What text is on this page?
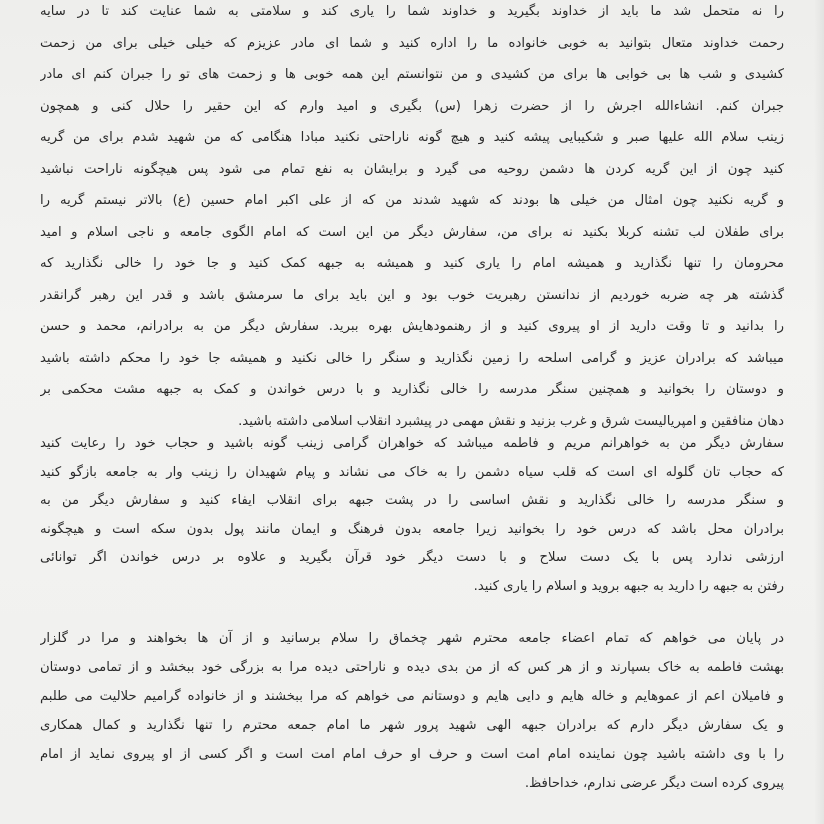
را نه متحمل شد ما باید از خداوند بگیرید و خداوند شما را یاری کند و سلامتی به شما عنایت کند تا در سایه
رحمت خداوند متعال بتوانید به خوبی خانواده ما را اداره کنید و شما ای مادر عزیزم که خیلی خیلی برای من زحمت
کشیدی و شب ها بی خوابی ها برای من کشیدی و من نتوانستم این همه خوبی ها و زحمت های تو را جبران کنم ای مادر
جبران کنم. انشاءالله اجرش را از حضرت زهرا (س) بگیری و امید وارم که این حقیر را حلال کنی و همچون
زینب سلام الله علیها صبر و شکیبایی پیشه کنید و هیچ گونه ناراحتی نکنید مبادا هنگامی که من شهید شدم برای من گریه
کنید چون از این گریه کردن ها دشمن روحیه می گیرد و برایشان به نفع تمام می شود پس هیچگونه ناراحت نباشید
و گریه نکنید چون امثال من خیلی ها بودند که شهید شدند من که از علی اکبر امام حسین (ع) بالاتر نیستم گریه را
برای طفلان لب تشنه کربلا بکنید نه برای من، سفارش دیگر من این است که امام الگوی جامعه و ناجی اسلام و امید
محرومان را تنها نگذارید و همیشه امام را یاری کنید و همیشه به جبهه کمک کنید و جا خود را خالی نگذارید که
گذشته هر چه ضربه خوردیم از ندانستن رهبریت خوب بود و این باید برای ما سرمشق باشد و قدر این رهبر گرانقدر
را بدانید و تا وقت دارید از او پیروی کنید و از رهنمودهایش بهره ببرید. سفارش دیگر من به برادرانم، محمد و حسن
میباشد که برادران عزیز و گرامی اسلحه را زمین نگذارید و سنگر را خالی نکنید و همیشه جا خود را محکم داشته باشید
و دوستان را بخوانید و همچنین سنگر مدرسه را خالی نگذارید و با درس خواندن و کمک به جبهه مشت محکمی بر
دهان منافقین و امپریالیست شرق و غرب بزنید و نقش مهمی در پیشبرد انقلاب اسلامی داشته باشید.
سفارش دیگر من به خواهرانم مریم و فاطمه میباشد که خواهران گرامی زینب گونه باشید و حجاب خود را رعایت کنید
که حجاب تان گلوله ای است که قلب سیاه دشمن را به خاک می نشاند و پیام شهیدان را زینب وار به جامعه بازگو کنید
و سنگر مدرسه را خالی نگذارید و نقش اساسی را در پشت جبهه برای انقلاب ایفاء کنید و سفارش دیگر من به
برادران محل باشد که درس خود را بخوانید زیرا جامعه بدون فرهنگ و ایمان مانند پول بدون سکه است و هیچگونه
ارزشی ندارد پس با یک دست سلاح و با دست دیگر خود قرآن بگیرید و علاوه بر درس خواندن اگر توانائی
رفتن به جبهه را دارید به جبهه بروید و اسلام را یاری کنید.
در پایان می خواهم که تمام اعضاء جامعه محترم شهر چخماق را سلام برسانید و از آن ها بخواهند و مرا در گلزار
بهشت فاطمه به خاک بسپارند و از هر کس که از من بدی دیده و ناراحتی دیده مرا به بزرگی خود ببخشد و از تمامی دوستان
و فامیلان اعم از عموهایم و خاله هایم و دایی هایم و دوستانم می خواهم که مرا ببخشند و از خانواده گرامیم حلالیت می طلبم
و یک سفارش دیگر دارم که برادران جبهه الهی شهید پرور شهر ما امام جمعه محترم را تنها نگذارید و کمال همکاری
را با وی داشته باشید چون نماینده امام امت است و حرف او حرف امام امت است و اگر کسی از او پیروی نماید از امام
پیروی کرده است دیگر عرضی ندارم، خداحافظ.
